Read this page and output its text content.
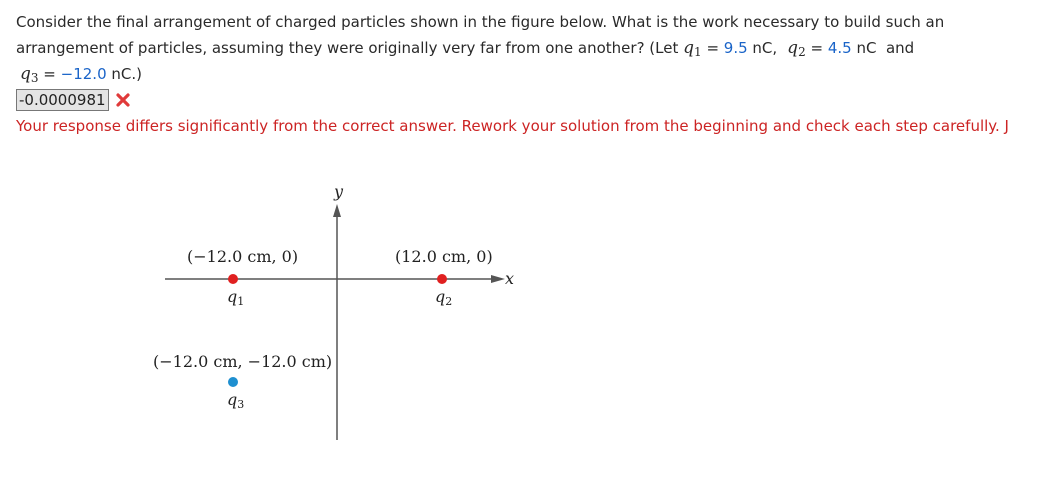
Consider the final arrangement of charged particles shown in the figure below. What is the work necessary to build such an arrangement of particles, assuming they were originally very far from one another? (Let $q_1 = 9.5$ nC, $q_2 = 4.5$ nC  and
$q_3 = -12.0$ nC.)
-0.0000981
Your response differs significantly from the correct answer. Rework your solution from the beginning and check each step carefully. J
y
x
(−12.0 cm, 0)
q1
(12.0 cm, 0)
q2
(−12.0 cm, −12.0 cm)
q3
